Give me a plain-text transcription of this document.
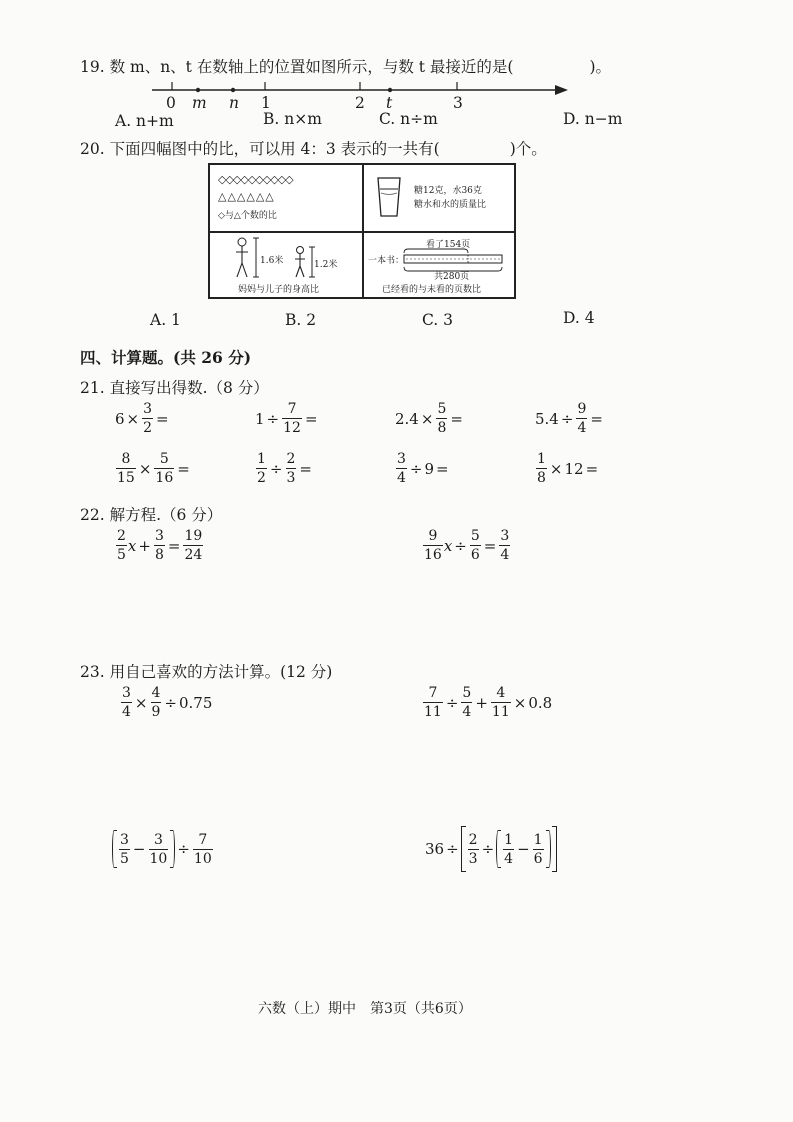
19. 数 m、n、t 在数轴上的位置如图所示，与数 t 最接近的是(	)。
0 m n 1	2 t	3
A. n+m	B. n×m	C. n÷m	D. n−m
20. 下面四幅图中的比，可以用 4：3 表示的一共有(	)个。
◇◇◇◇◇◇◇◇◇◇
△△△△△△
◇与△个数的比
糖12克，水36克
糖水和水的质量比
1.6米	1.2米
妈妈与儿子的身高比
看了154页
一本书：
共280页
已经看的与未看的页数比
A. 1	B. 2	C. 3	D. 4
四、计算题。(共 26 分)
21. 直接写出得数.（8 分）
$6 \times \frac{3}{2}$ =	$1 \div \frac{7}{12}$ =	$2.4 \times \frac{5}{8}$ =	$5.4 \div \frac{9}{4}$ =
$\frac{8}{15} \times \frac{5}{16}$ =	$\frac{1}{2} \div \frac{2}{3}$ =	$\frac{3}{4} \div 9$ =	$\frac{1}{8} \times 12$ =
22. 解方程.（6 分）
$\frac{2}{5}$ $x + \frac{3}{8} = \frac{19}{24}$	$\frac{9}{16}$ $x \div \frac{5}{6} = \frac{3}{4}$
23. 用自己喜欢的方法计算。(12 分)
$\frac{3}{4} \times \frac{4}{9} \div 0.75$	$\frac{7}{11} \div \frac{5}{4} + \frac{4}{11} \times 0.8$
$\frac{3}{5} - \frac{3}{10} \div \frac{7}{10}$	$36 \div \frac{2}{3} \div \frac{1}{4} - \frac{1}{6}$
六数（上）期中　第3页（共6页）
